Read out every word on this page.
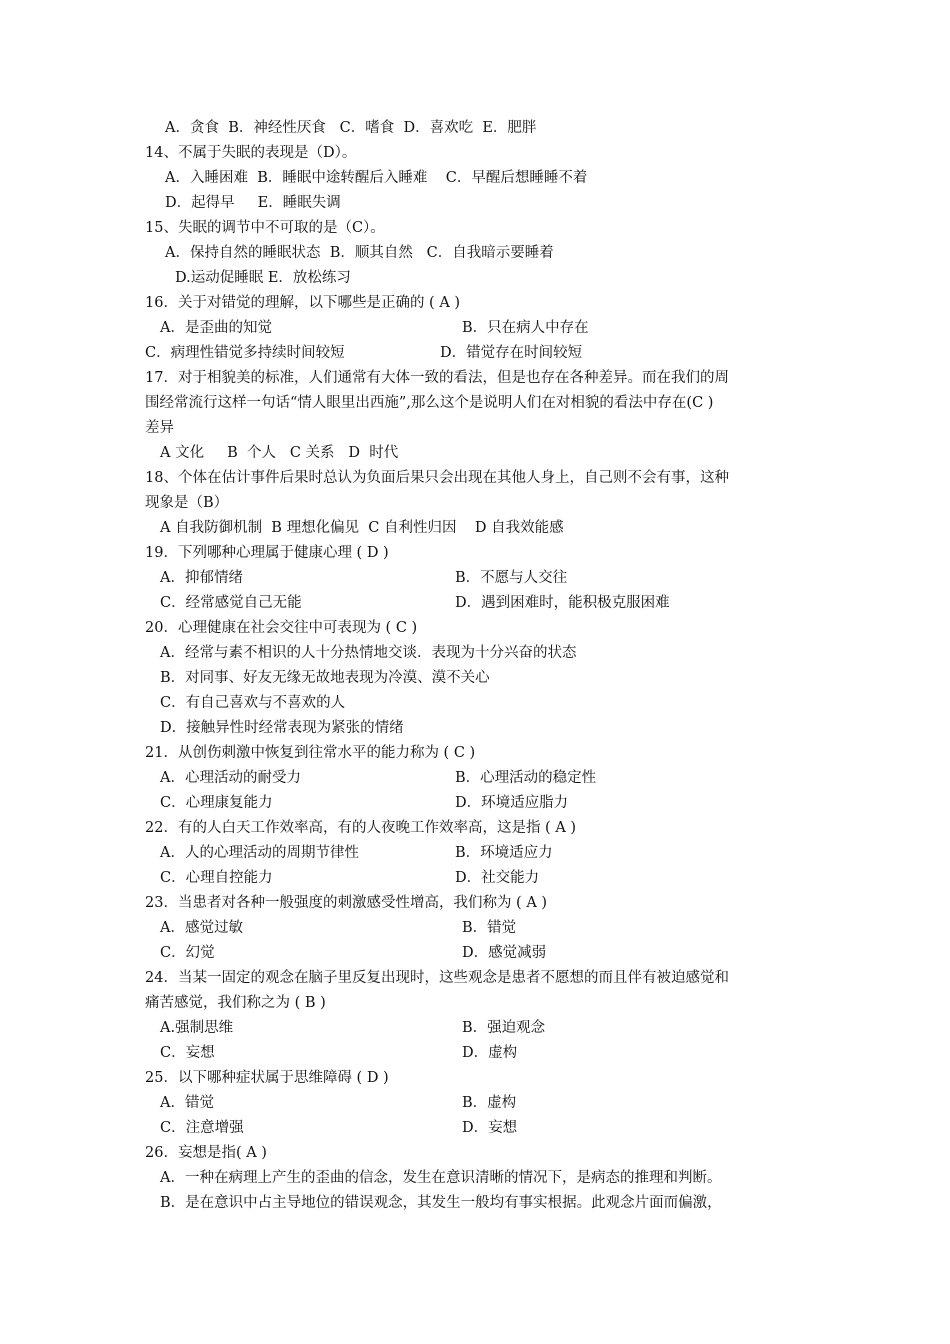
A．贪食  B．神经性厌食   C．嗜食  D．喜欢吃  E．肥胖
14、不属于失眠的表现是（D）。
A．入睡困难  B．睡眠中途转醒后入睡难    C．早醒后想睡睡不着
D．起得早     E．睡眠失调
15、失眠的调节中不可取的是（C）。
A．保持自然的睡眠状态  B．顺其自然   C．自我暗示要睡着
D.运动促睡眠 E．放松练习
16．关于对错觉的理解，以下哪些是正确的 ( A )
A．是歪曲的知觉	B．只在病人中存在
C．病理性错觉多持续时间较短	D．错觉存在时间较短
17．对于相貌美的标准，人们通常有大体一致的看法，但是也存在各种差异。而在我们的周
围经常流行这样一句话“情人眼里出西施”,那么这个是说明人们在对相貌的看法中存在(C )
差异
A 文化     B  个人   C 关系   D  时代
18、个体在估计事件后果时总认为负面后果只会出现在其他人身上，自己则不会有事，这种
现象是（B）
A 自我防御机制  B 理想化偏见  C 自利性归因    D 自我效能感
19．下列哪种心理属于健康心理 ( D )
A．抑郁情绪	B．不愿与人交往
C．经常感觉自己无能	D．遇到困难时，能积极克服困难
20．心理健康在社会交往中可表现为 ( C )
A．经常与素不相识的人十分热情地交谈．表现为十分兴奋的状态
B．对同事、好友无缘无故地表现为冷漠、漠不关心
C．有自己喜欢与不喜欢的人
D．接触异性时经常表现为紧张的情绪
21．从创伤刺激中恢复到往常水平的能力称为 ( C )
A．心理活动的耐受力	B．心理活动的稳定性
C．心理康复能力	D．环境适应脂力
22．有的人白天工作效率高，有的人夜晚工作效率高，这是指 ( A )
A．人的心理活动的周期节律性	B．环境适应力
C．心理自控能力	D．社交能力
23．当患者对各种一般强度的刺激感受性增高，我们称为 ( A )
A．感觉过敏	B．错觉
C．幻觉	D．感觉减弱
24．当某一固定的观念在脑子里反复出现时，这些观念是患者不愿想的而且伴有被迫感觉和
痛苦感觉，我们称之为 ( B )
A.强制思维	B．强迫观念
C．妄想	D．虚构
25．以下哪种症状属于思维障碍 ( D )
A．错觉	B．虚构
C．注意增强	D．妄想
26．妄想是指( A )
A．一种在病理上产生的歪曲的信念，发生在意识清晰的情况下，是病态的推理和判断。
B．是在意识中占主导地位的错误观念，其发生一般均有事实根据。此观念片面而偏激，
